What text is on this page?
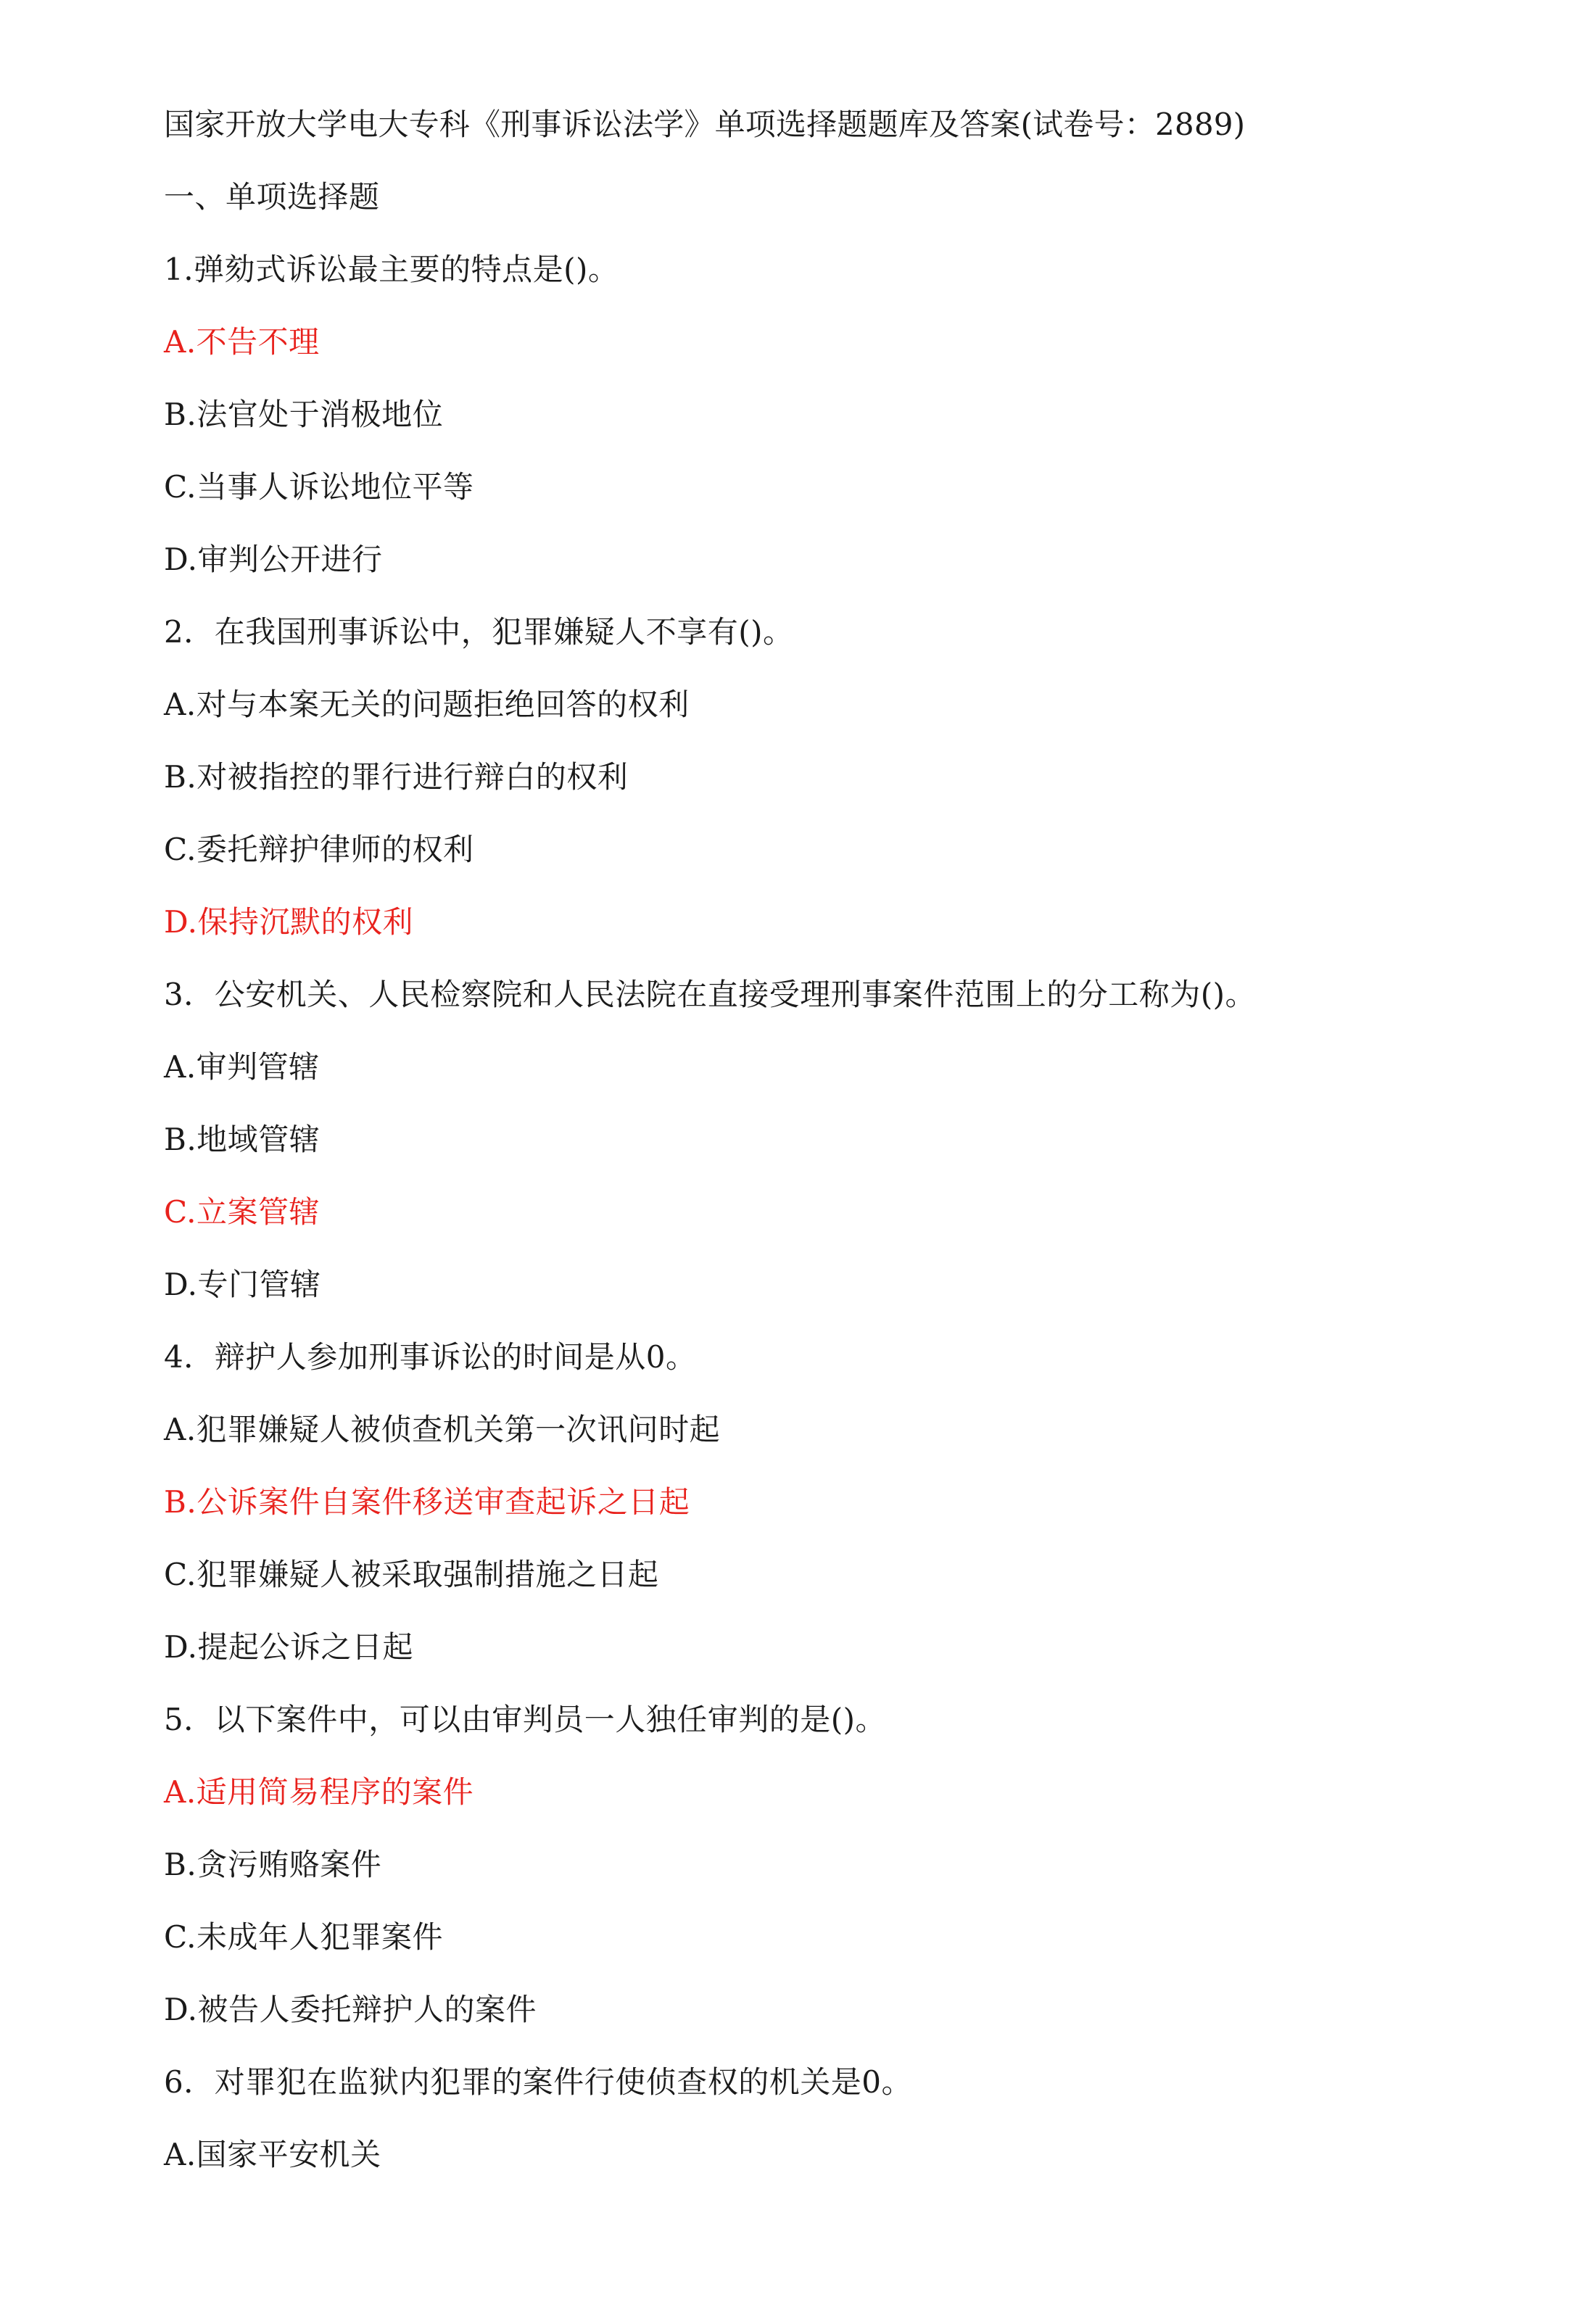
国家开放大学电大专科《刑事诉讼法学》单项选择题题库及答案(试卷号：2889)
一、单项选择题
1.弹劾式诉讼最主要的特点是()。
A.不告不理
B.法官处于消极地位
C.当事人诉讼地位平等
D.审判公开进行
2．在我国刑事诉讼中，犯罪嫌疑人不享有()。
A.对与本案无关的问题拒绝回答的权利
B.对被指控的罪行进行辩白的权利
C.委托辩护律师的权利
D.保持沉默的权利
3．公安机关、人民检察院和人民法院在直接受理刑事案件范围上的分工称为()。
A.审判管辖
B.地域管辖
C.立案管辖
D.专门管辖
4．辩护人参加刑事诉讼的时间是从0。
A.犯罪嫌疑人被侦查机关第一次讯问时起
B.公诉案件自案件移送审查起诉之日起
C.犯罪嫌疑人被采取强制措施之日起
D.提起公诉之日起
5．以下案件中，可以由审判员一人独任审判的是()。
A.适用简易程序的案件
B.贪污贿赂案件
C.未成年人犯罪案件
D.被告人委托辩护人的案件
6．对罪犯在监狱内犯罪的案件行使侦查权的机关是0。
A.国家平安机关
